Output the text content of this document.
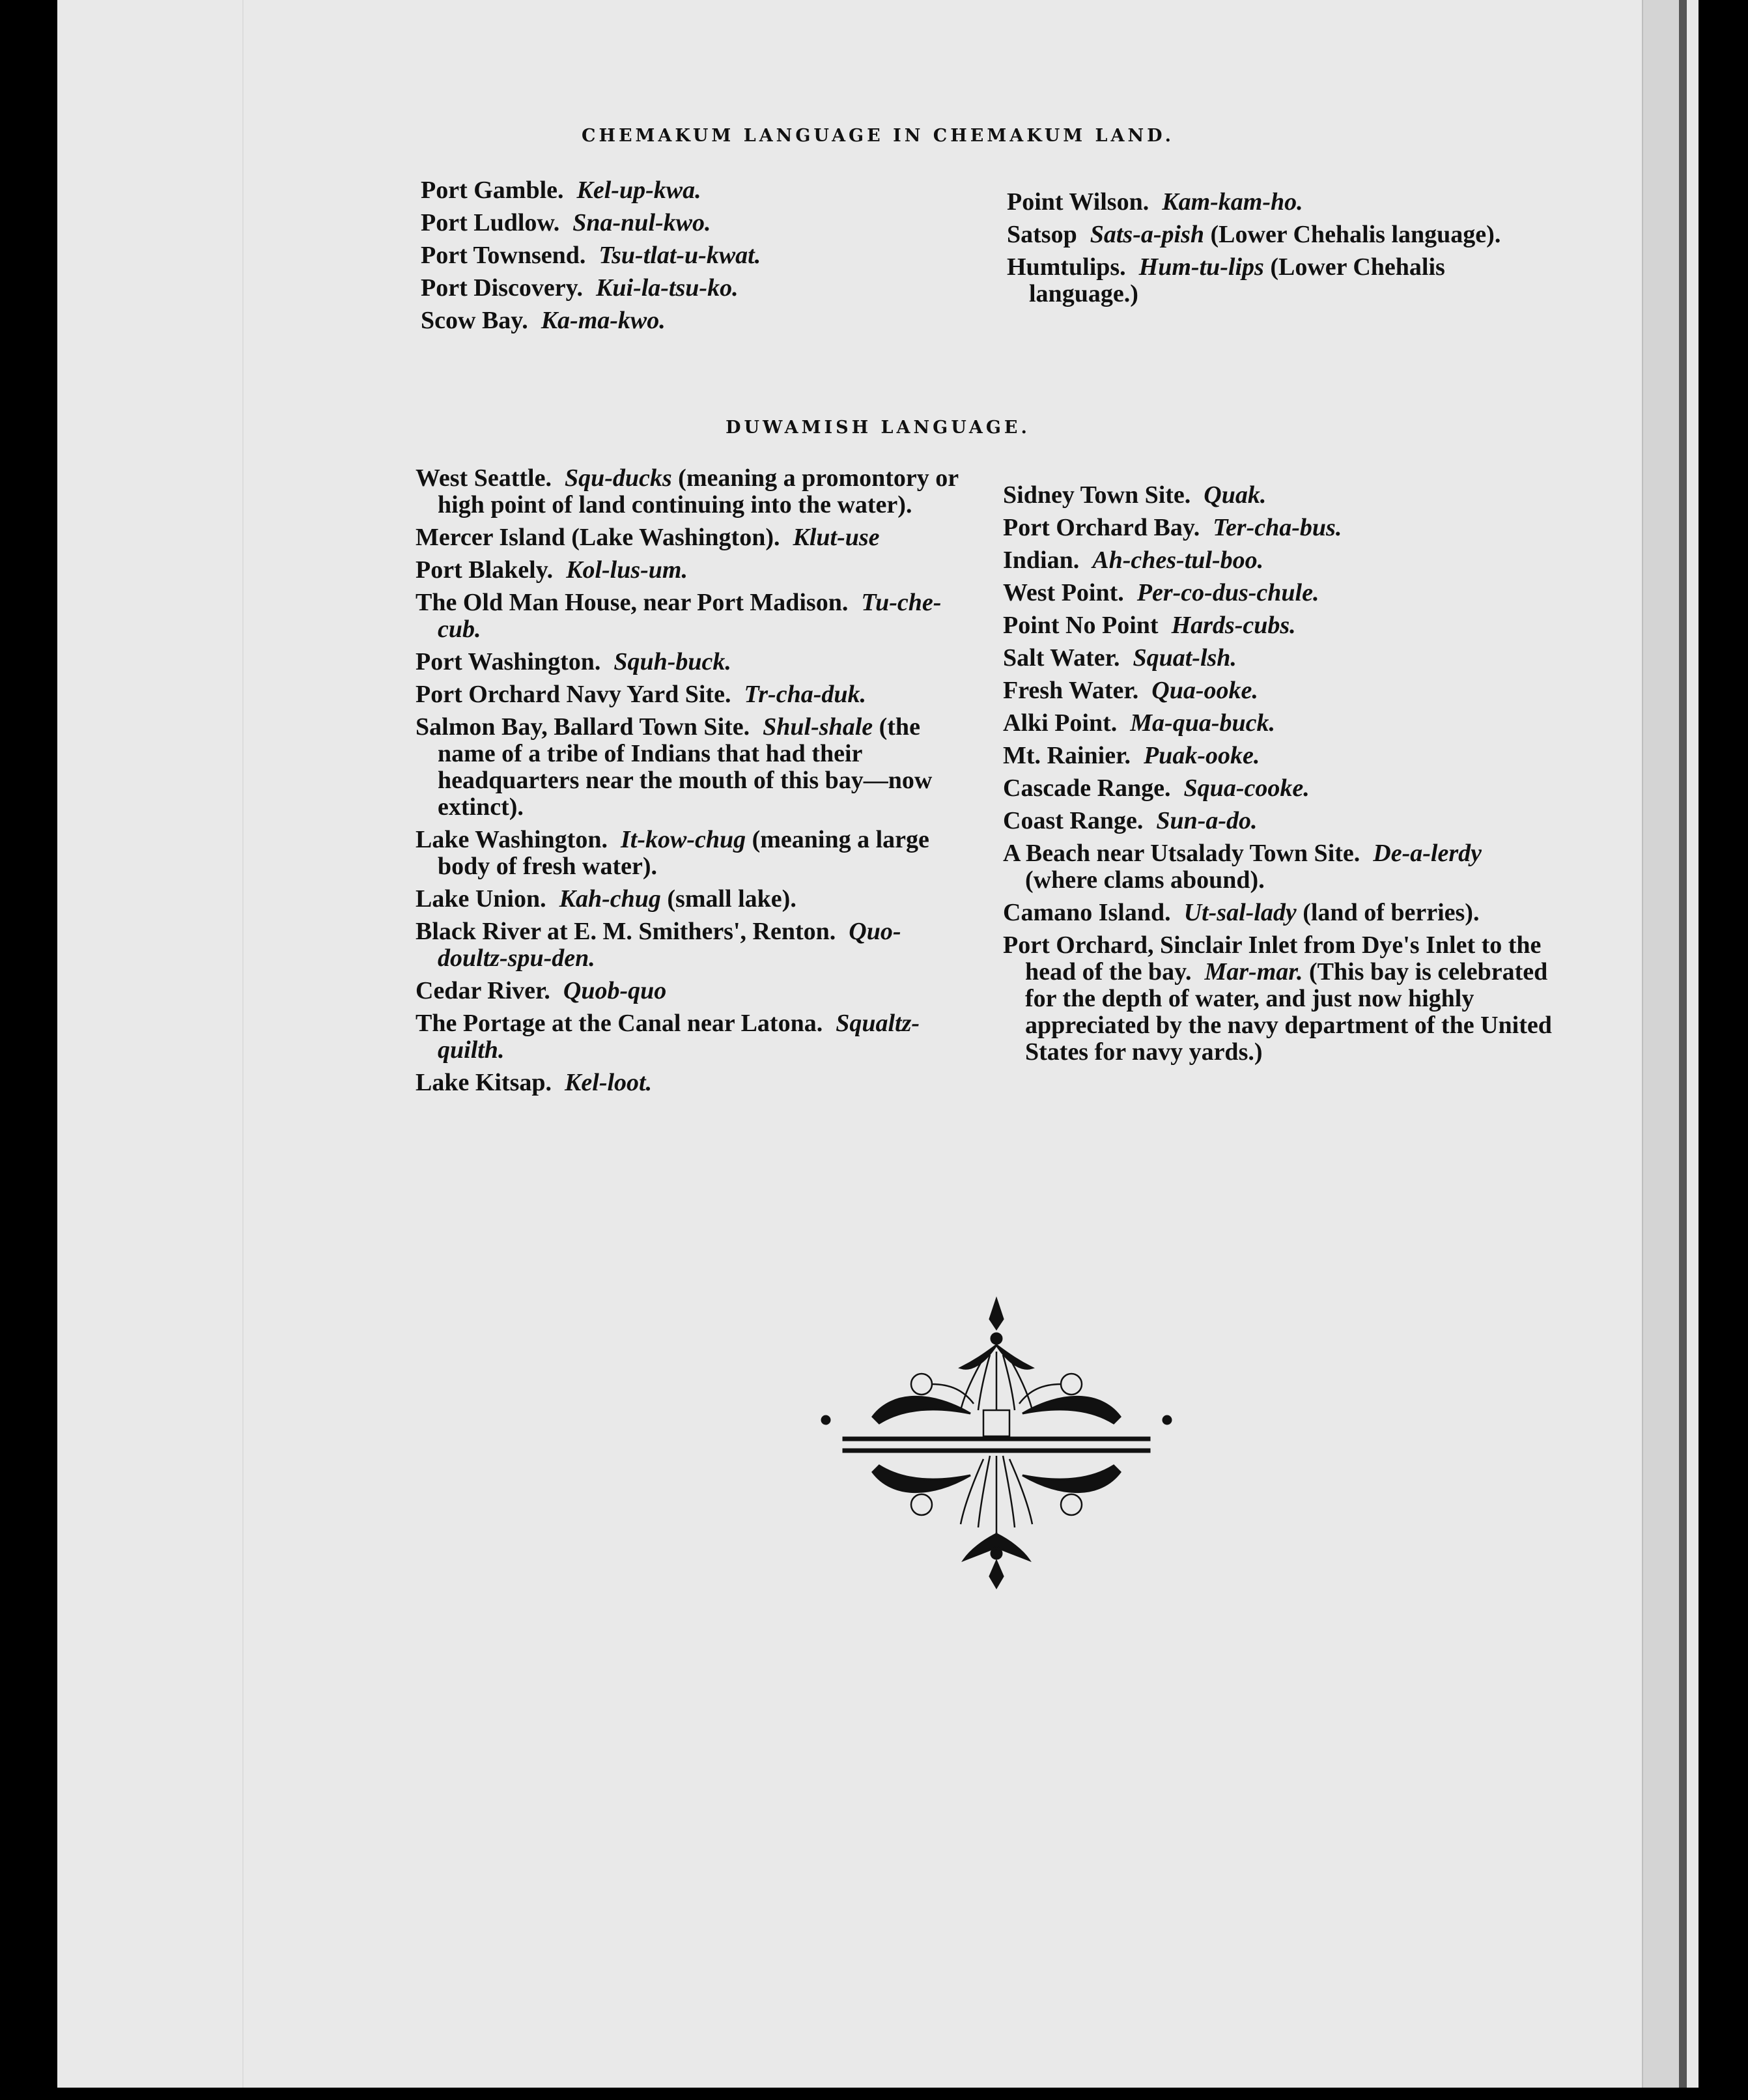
CHEMAKUM LANGUAGE IN CHEMAKUM LAND.

Port Gamble. Kel-up-kwa.

Port Ludlow. Sna-nul-kwo.

Port Townsend. Tsu-tlat-u-kwat.

Port Discovery. Kui-la-tsu-ko.

Scow Bay. Ka-ma-kwo.

Point Wilson. Kam-kam-ho.

Satsop Sats-a-pish (Lower Chehalis language).

Humtulips. Hum-tu-lips (Lower Chehalis language.)

DUWAMISH LANGUAGE.

West Seattle. Squ-ducks (meaning a promontory or high point of land continuing into the water).

Mercer Island (Lake Washington). Klut-use

Port Blakely. Kol-lus-um.

The Old Man House, near Port Madison. Tu-che-cub.

Port Washington. Squh-buck.

Port Orchard Navy Yard Site. Tr-cha-duk.

Salmon Bay, Ballard Town Site. Shul-shale (the name of a tribe of Indians that had their headquarters near the mouth of this bay—now extinct).

Lake Washington. It-kow-chug (meaning a large body of fresh water).

Lake Union. Kah-chug (small lake).

Black River at E. M. Smithers', Renton. Quo-doultz-spu-den.

Cedar River. Quob-quo

The Portage at the Canal near Latona. Squaltz-quilth.

Lake Kitsap. Kel-loot.

Sidney Town Site. Quak.

Port Orchard Bay. Ter-cha-bus.

Indian. Ah-ches-tul-boo.

West Point. Per-co-dus-chule.

Point No Point Hards-cubs.

Salt Water. Squat-lsh.

Fresh Water. Qua-ooke.

Alki Point. Ma-qua-buck.

Mt. Rainier. Puak-ooke.

Cascade Range. Squa-cooke.

Coast Range. Sun-a-do.

A Beach near Utsalady Town Site. De-a-lerdy (where clams abound).

Camano Island. Ut-sal-lady (land of berries).

Port Orchard, Sinclair Inlet from Dye's Inlet to the head of the bay. Mar-mar. (This bay is celebrated for the depth of water, and just now highly appreciated by the navy department of the United States for navy yards.)
